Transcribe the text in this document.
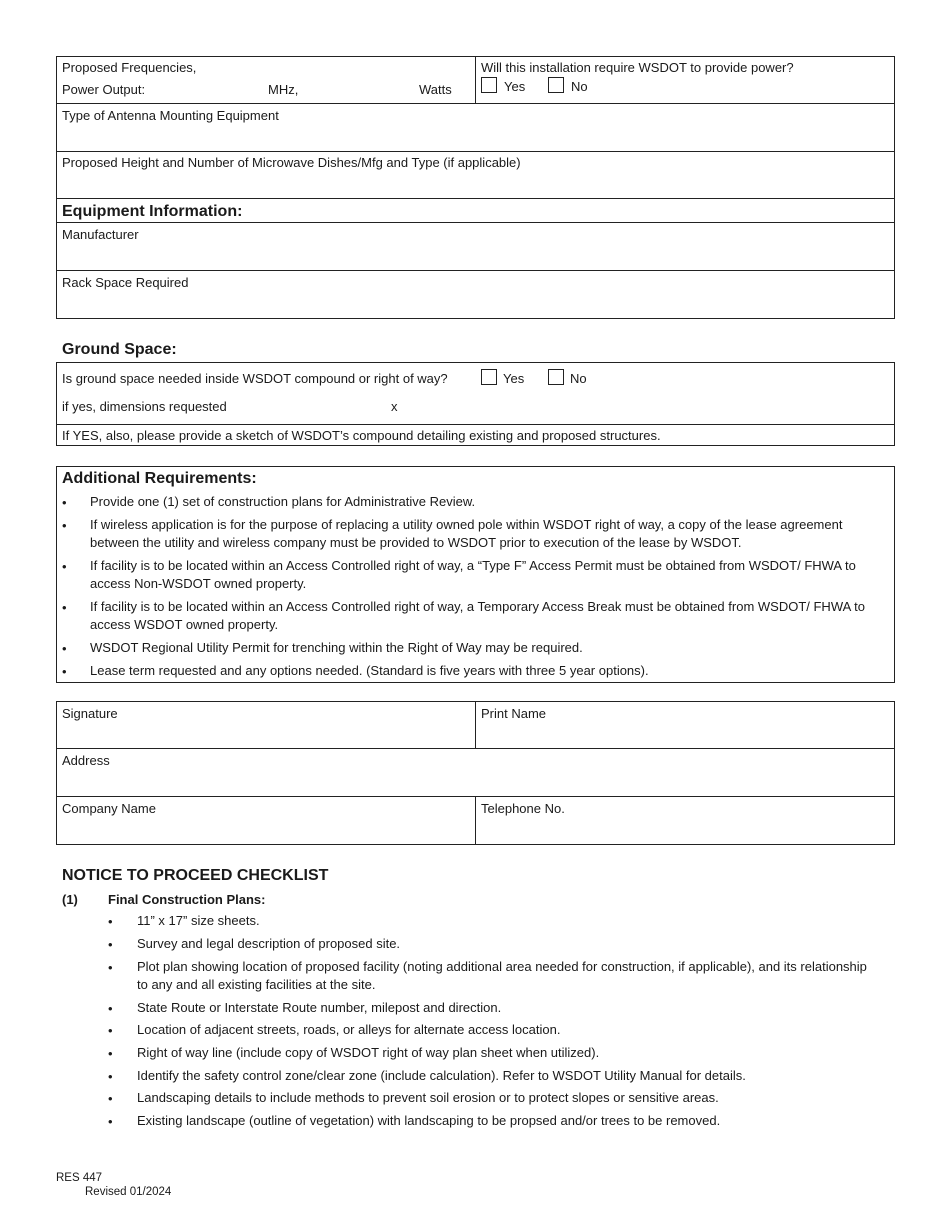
Proposed Frequencies,
Power Output:	MHz,	Watts
Will this installation require WSDOT to provide power?
Yes	No
Type of Antenna Mounting Equipment
Proposed Height and Number of Microwave Dishes/Mfg and Type (if applicable)
Equipment Information:
Manufacturer
Rack Space Required
Ground Space:
Is ground space needed inside WSDOT compound or right of way?	Yes	No
if yes, dimensions requested	x
If YES, also, please provide a sketch of WSDOT’s compound detailing existing and proposed structures.
Additional Requirements:
• Provide one (1) set of construction plans for Administrative Review.
• If wireless application is for the purpose of replacing a utility owned pole within WSDOT right of way, a copy of the lease agreement between the utility and wireless company must be provided to WSDOT prior to execution of the lease by WSDOT.
• If facility is to be located within an Access Controlled right of way, a “Type F” Access Permit must be obtained from WSDOT/ FHWA to access Non-WSDOT owned property.
• If facility is to be located within an Access Controlled right of way, a Temporary Access Break must be obtained from WSDOT/ FHWA to access WSDOT owned property.
• WSDOT Regional Utility Permit for trenching within the Right of Way may be required.
• Lease term requested and any options needed. (Standard is five years with three 5 year options).
Signature	Print Name
Address
Company Name	Telephone No.
NOTICE TO PROCEED CHECKLIST
(1) Final Construction Plans:
• 11” x 17” size sheets.
• Survey and legal description of proposed site.
• Plot plan showing location of proposed facility (noting additional area needed for construction, if applicable), and its relationship to any and all existing facilities at the site.
• State Route or Interstate Route number, milepost and direction.
• Location of adjacent streets, roads, or alleys for alternate access location.
• Right of way line (include copy of WSDOT right of way plan sheet when utilized).
• Identify the safety control zone/clear zone (include calculation). Refer to WSDOT Utility Manual for details.
• Landscaping details to include methods to prevent soil erosion or to protect slopes or sensitive areas.
• Existing landscape (outline of vegetation) with landscaping to be propsed and/or trees to be removed.
RES 447
Revised 01/2024
